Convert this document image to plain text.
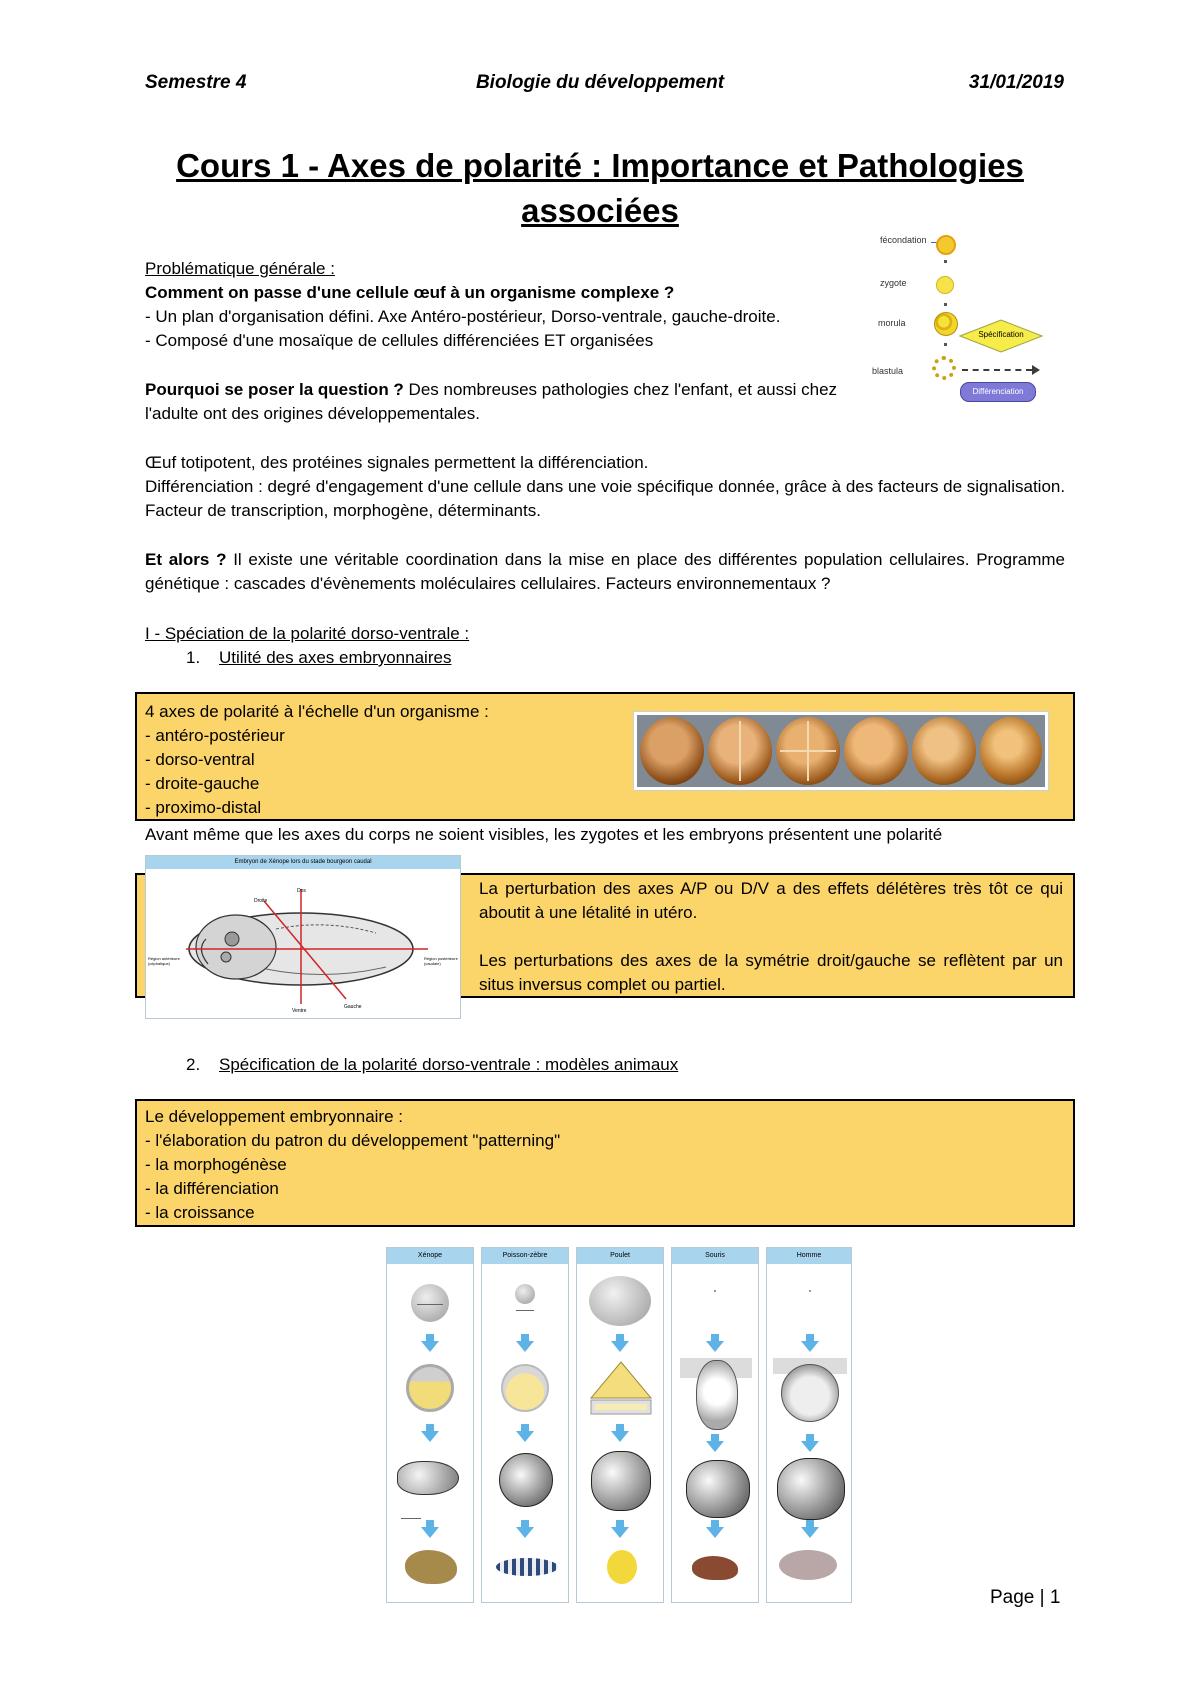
Semestre 4	Biologie du développement	31/01/2019
Cours 1 - Axes de polarité : Importance et Pathologies
associées
Problématique générale :
Comment on passe d'une cellule œuf à un organisme complexe ?
- Un plan d'organisation défini. Axe Antéro-postérieur, Dorso-ventrale, gauche-droite.
- Composé d'une mosaïque de cellules différenciées ET organisées
Pourquoi se poser la question ? Des nombreuses pathologies chez l'enfant, et aussi chez
l'adulte ont des origines développementales.
Œuf totipotent, des protéines signales permettent la différenciation.
Différenciation : degré d'engagement d'une cellule dans une voie spécifique donnée, grâce à des facteurs de signalisation.
Facteur de transcription, morphogène, déterminants.
Et alors ? Il existe une véritable coordination dans la mise en place des différentes population cellulaires. Programme génétique : cascades d'évènements moléculaires cellulaires. Facteurs environnementaux ?
fécondation
zygote
morula
blastula
Spécification
Différenciation
I - Spéciation de la polarité dorso-ventrale :
1. Utilité des axes embryonnaires
4 axes de polarité à l'échelle d'un organisme :
- antéro-postérieur
- dorso-ventral
- droite-gauche
- proximo-distal
Avant même que les axes du corps ne soient visibles, les zygotes et les embryons présentent une polarité
La perturbation des axes A/P ou D/V a des effets délétères très tôt ce qui aboutit à une létalité in utéro.
Les perturbations des axes de la symétrie droit/gauche se reflètent par un situs inversus complet ou partiel.
Embryon de Xénope lors du stade bourgeon caudal
Dos
Droite
Ventre
Gauche
Région antérieure (céphalique)
Région postérieure (caudale)
2. Spécification de la polarité dorso-ventrale : modèles animaux
Le développement embryonnaire :
- l'élaboration du patron du développement "patterning"
- la morphogénèse
- la différenciation
- la croissance
Xénope	Poisson-zèbre	Poulet	Souris	Homme
Page | 1
